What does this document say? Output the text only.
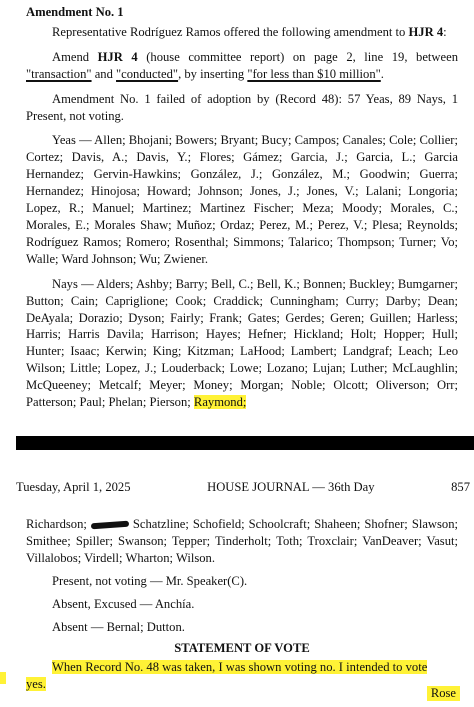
Amendment No. 1

Representative Rodríguez Ramos offered the following amendment to HJR 4:

Amend HJR 4 (house committee report) on page 2, line 19, between "transaction" and "conducted", by inserting "for less than $10 million".

Amendment No. 1 failed of adoption by (Record 48): 57 Yeas, 89 Nays, 1 Present, not voting.

Yeas — Allen; Bhojani; Bowers; Bryant; Bucy; Campos; Canales; Cole; Collier; Cortez; Davis, A.; Davis, Y.; Flores; Gámez; Garcia, J.; Garcia, L.; Garcia Hernandez; Gervin-Hawkins; González, J.; González, M.; Goodwin; Guerra; Hernandez; Hinojosa; Howard; Johnson; Jones, J.; Jones, V.; Lalani; Longoria; Lopez, R.; Manuel; Martinez; Martinez Fischer; Meza; Moody; Morales, C.; Morales, E.; Morales Shaw; Muñoz; Ordaz; Perez, M.; Perez, V.; Plesa; Reynolds; Rodríguez Ramos; Romero; Rosenthal; Simmons; Talarico; Thompson; Turner; Vo; Walle; Ward Johnson; Wu; Zwiener.

Nays — Alders; Ashby; Barry; Bell, C.; Bell, K.; Bonnen; Buckley; Bumgarner; Button; Cain; Capriglione; Cook; Craddick; Cunningham; Curry; Darby; Dean; DeAyala; Dorazio; Dyson; Fairly; Frank; Gates; Gerdes; Geren; Guillen; Harless; Harris; Harris Davila; Harrison; Hayes; Hefner; Hickland; Holt; Hopper; Hull; Hunter; Isaac; Kerwin; King; Kitzman; LaHood; Lambert; Landgraf; Leach; Leo Wilson; Little; Lopez, J.; Louderback; Lowe; Lozano; Lujan; Luther; McLaughlin; McQueeney; Metcalf; Meyer; Money; Morgan; Noble; Olcott; Oliverson; Orr; Patterson; Paul; Phelan; Pierson; Raymond;

Tuesday, April 1, 2025	HOUSE JOURNAL — 36th Day	857

Richardson;	Schatzline; Schofield; Schoolcraft; Shaheen; Shofner; Slawson; Smithee; Spiller; Swanson; Tepper; Tinderholt; Toth; Troxclair; VanDeaver; Vasut; Villalobos; Virdell; Wharton; Wilson.

Present, not voting — Mr. Speaker(C).

Absent, Excused — Anchía.

Absent — Bernal; Dutton.

STATEMENT OF VOTE

When Record No. 48 was taken, I was shown voting no. I intended to vote

yes.

Rose
